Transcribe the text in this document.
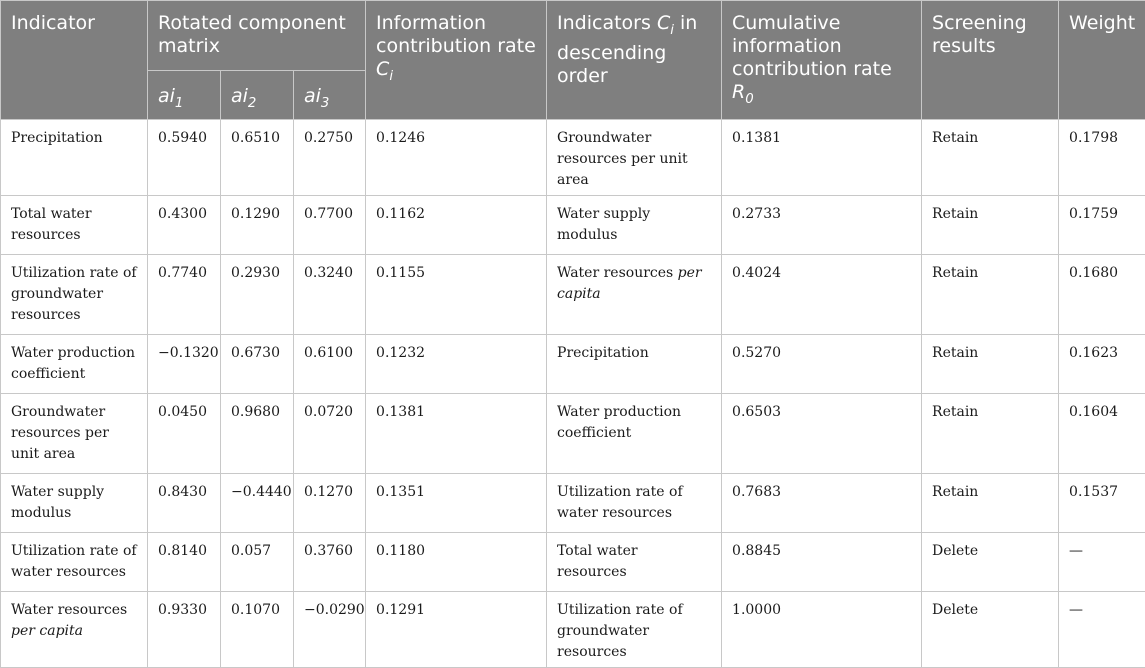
Indicator	Rotated component matrix			Information contribution rate $C_i$	Indicators $C_i$ in descending order	Cumulative information contribution rate $R_0$	Screening results	Weight
	$ai_1$	$ai_2$	$ai_3$
Precipitation	0.5940	0.6510	0.2750	0.1246	Groundwater resources per unit area	0.1381	Retain	0.1798
Total water resources	0.4300	0.1290	0.7700	0.1162	Water supply modulus	0.2733	Retain	0.1759
Utilization rate of groundwater resources	0.7740	0.2930	0.3240	0.1155	Water resources per capita	0.4024	Retain	0.1680
Water production coefficient	−0.1320	0.6730	0.6100	0.1232	Precipitation	0.5270	Retain	0.1623
Groundwater resources per unit area	0.0450	0.9680	0.0720	0.1381	Water production coefficient	0.6503	Retain	0.1604
Water supply modulus	0.8430	−0.4440	0.1270	0.1351	Utilization rate of water resources	0.7683	Retain	0.1537
Utilization rate of water resources	0.8140	0.057	0.3760	0.1180	Total water resources	0.8845	Delete	—
Water resources per capita	0.9330	0.1070	−0.0290	0.1291	Utilization rate of groundwater resources	1.0000	Delete	—
